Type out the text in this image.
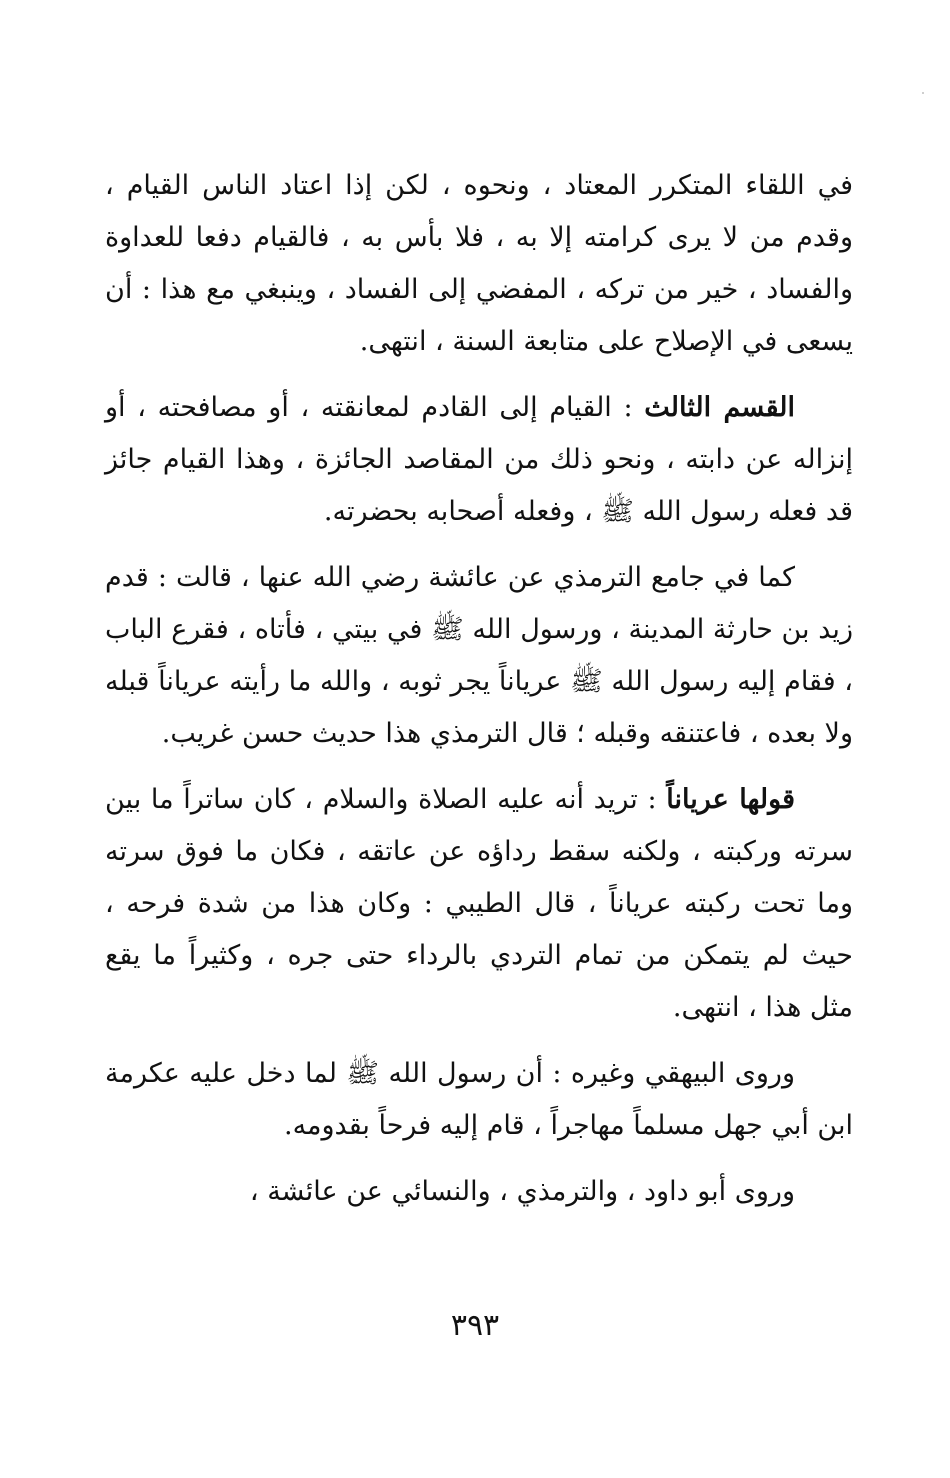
في اللقاء المتكرر المعتاد ، ونحوه ، لكن إذا اعتاد الناس القيام ، وقدم من لا يرى كرامته إلا به ، فلا بأس به ، فالقيام دفعا للعداوة والفساد ، خير من تركه ، المفضي إلى الفساد ، وينبغي مع هذا : أن يسعى في الإصلاح على متابعة السنة ، انتهى.

القسم الثالث : القيام إلى القادم لمعانقته ، أو مصافحته ، أو إنزاله عن دابته ، ونحو ذلك من المقاصد الجائزة ، وهذا القيام جائز قد فعله رسول الله ﷺ ، وفعله أصحابه بحضرته.

كما في جامع الترمذي عن عائشة رضي الله عنها ، قالت : قدم زيد بن حارثة المدينة ، ورسول الله ﷺ في بيتي ، فأتاه ، فقرع الباب ، فقام إليه رسول الله ﷺ عرياناً يجر ثوبه ، والله ما رأيته عرياناً قبله ولا بعده ، فاعتنقه وقبله ؛ قال الترمذي هذا حديث حسن غريب.

قولها عرياناً : تريد أنه عليه الصلاة والسلام ، كان ساتراً ما بين سرته وركبته ، ولكنه سقط رداؤه عن عاتقه ، فكان ما فوق سرته وما تحت ركبته عرياناً ، قال الطيبي : وكان هذا من شدة فرحه ، حيث لم يتمكن من تمام التردي بالرداء حتى جره ، وكثيراً ما يقع مثل هذا ، انتهى.

وروى البيهقي وغيره : أن رسول الله ﷺ لما دخل عليه عكرمة ابن أبي جهل مسلماً مهاجراً ، قام إليه فرحاً بقدومه.

وروى أبو داود ، والترمذي ، والنسائي عن عائشة ،

٣٩٣
